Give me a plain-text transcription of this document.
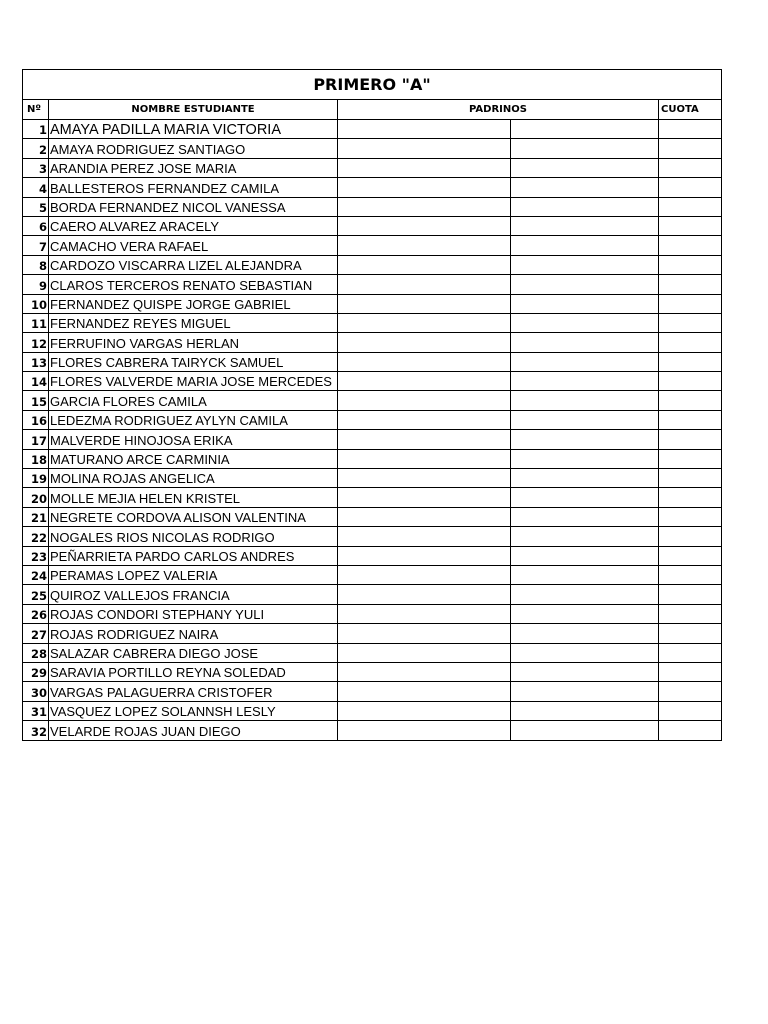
PRIMERO "A"				
Nº	NOMBRE ESTUDIANTE	PADRINOS		CUOTA
1	AMAYA PADILLA MARIA VICTORIA			
2	AMAYA RODRIGUEZ SANTIAGO			
3	ARANDIA PEREZ JOSE MARIA			
4	BALLESTEROS FERNANDEZ CAMILA			
5	BORDA FERNANDEZ NICOL VANESSA			
6	CAERO ALVAREZ ARACELY			
7	CAMACHO VERA RAFAEL			
8	CARDOZO VISCARRA LIZEL ALEJANDRA			
9	CLAROS TERCEROS RENATO SEBASTIAN			
10	FERNANDEZ QUISPE JORGE GABRIEL			
11	FERNANDEZ REYES MIGUEL			
12	FERRUFINO VARGAS HERLAN			
13	FLORES CABRERA TAIRYCK SAMUEL			
14	FLORES VALVERDE MARIA JOSE MERCEDES			
15	GARCIA FLORES CAMILA			
16	LEDEZMA RODRIGUEZ AYLYN CAMILA			
17	MALVERDE HINOJOSA ERIKA			
18	MATURANO ARCE CARMINIA			
19	MOLINA ROJAS ANGELICA			
20	MOLLE MEJIA HELEN KRISTEL			
21	NEGRETE CORDOVA ALISON VALENTINA			
22	NOGALES RIOS NICOLAS RODRIGO			
23	PEÑARRIETA PARDO CARLOS ANDRES			
24	PERAMAS LOPEZ VALERIA			
25	QUIROZ VALLEJOS FRANCIA			
26	ROJAS CONDORI STEPHANY YULI			
27	ROJAS RODRIGUEZ NAIRA			
28	SALAZAR CABRERA DIEGO JOSE			
29	SARAVIA PORTILLO REYNA SOLEDAD			
30	VARGAS PALAGUERRA CRISTOFER			
31	VASQUEZ LOPEZ SOLANNSH LESLY			
32	VELARDE ROJAS JUAN DIEGO			
